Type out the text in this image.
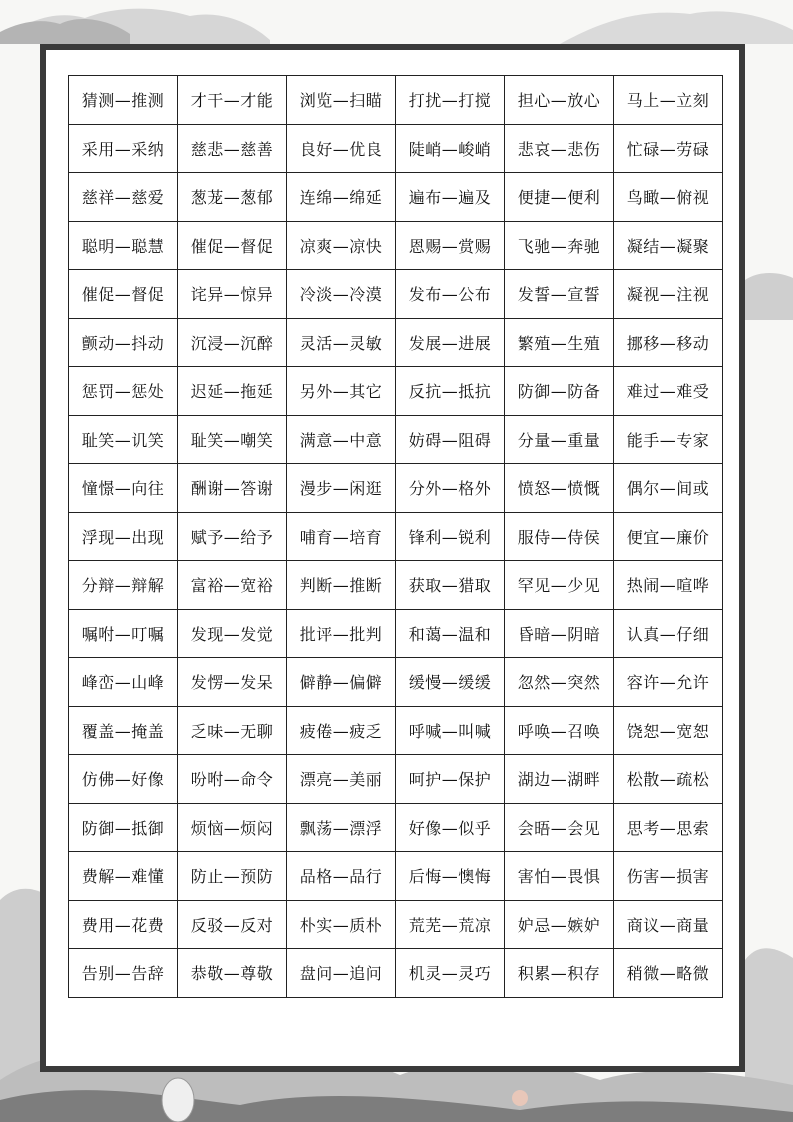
猜测—推测	才干—才能	浏览—扫瞄	打扰—打搅	担心—放心	马上—立刻
采用—采纳	慈悲—慈善	良好—优良	陡峭—峻峭	悲哀—悲伤	忙碌—劳碌
慈祥—慈爱	葱茏—葱郁	连绵—绵延	遍布—遍及	便捷—便利	鸟瞰—俯视
聪明—聪慧	催促—督促	凉爽—凉快	恩赐—赏赐	飞驰—奔驰	凝结—凝聚
催促—督促	诧异—惊异	冷淡—冷漠	发布—公布	发誓—宣誓	凝视—注视
颤动—抖动	沉浸—沉醉	灵活—灵敏	发展—进展	繁殖—生殖	挪移—移动
惩罚—惩处	迟延—拖延	另外—其它	反抗—抵抗	防御—防备	难过—难受
耻笑—讥笑	耻笑—嘲笑	满意—中意	妨碍—阻碍	分量—重量	能手—专家
憧憬—向往	酬谢—答谢	漫步—闲逛	分外—格外	愤怒—愤慨	偶尔—间或
浮现—出现	赋予—给予	哺育—培育	锋利—锐利	服侍—侍侯	便宜—廉价
分辩—辩解	富裕—宽裕	判断—推断	获取—猎取	罕见—少见	热闹—喧哗
嘱咐—叮嘱	发现—发觉	批评—批判	和蔼—温和	昏暗—阴暗	认真—仔细
峰峦—山峰	发愣—发呆	僻静—偏僻	缓慢—缓缓	忽然—突然	容许—允许
覆盖—掩盖	乏味—无聊	疲倦—疲乏	呼喊—叫喊	呼唤—召唤	饶恕—宽恕
仿佛—好像	吩咐—命令	漂亮—美丽	呵护—保护	湖边—湖畔	松散—疏松
防御—抵御	烦恼—烦闷	飘荡—漂浮	好像—似乎	会晤—会见	思考—思索
费解—难懂	防止—预防	品格—品行	后悔—懊悔	害怕—畏惧	伤害—损害
费用—花费	反驳—反对	朴实—质朴	荒芜—荒凉	妒忌—嫉妒	商议—商量
告别—告辞	恭敬—尊敬	盘问—追问	机灵—灵巧	积累—积存	稍微—略微
